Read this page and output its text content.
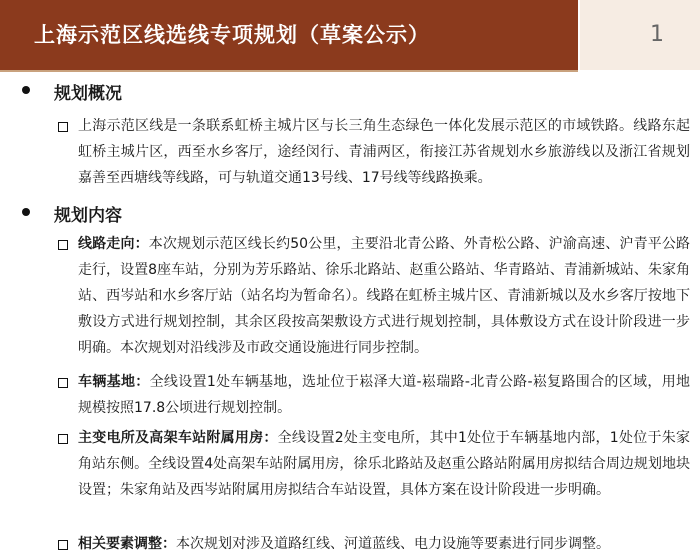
上海示范区线选线专项规划（草案公示）	1
规划概况
上海示范区线是一条联系虹桥主城片区与长三角生态绿色一体化发展示范区的市域铁路。线路东起虹桥主城片区，西至水乡客厅，途经闵行、青浦两区，衔接江苏省规划水乡旅游线以及浙江省规划嘉善至西塘线等线路，可与轨道交通13号线、17号线等线路换乘。
规划内容
线路走向：本次规划示范区线长约50公里，主要沿北青公路、外青松公路、沪渝高速、沪青平公路走行，设置8座车站，分别为芳乐路站、徐乐北路站、赵重公路站、华青路站、青浦新城站、朱家角站、西岑站和水乡客厅站（站名均为暂命名）。线路在虹桥主城片区、青浦新城以及水乡客厅按地下敷设方式进行规划控制，其余区段按高架敷设方式进行规划控制，具体敷设方式在设计阶段进一步明确。本次规划对沿线涉及市政交通设施进行同步控制。
车辆基地：全线设置1处车辆基地，选址位于崧泽大道-崧瑞路-北青公路-崧复路围合的区域，用地规模按照17.8公顷进行规划控制。
主变电所及高架车站附属用房：全线设置2处主变电所，其中1处位于车辆基地内部，1处位于朱家角站东侧。全线设置4处高架车站附属用房，徐乐北路站及赵重公路站附属用房拟结合周边规划地块设置；朱家角站及西岑站附属用房拟结合车站设置，具体方案在设计阶段进一步明确。
相关要素调整：本次规划对涉及道路红线、河道蓝线、电力设施等要素进行同步调整。
